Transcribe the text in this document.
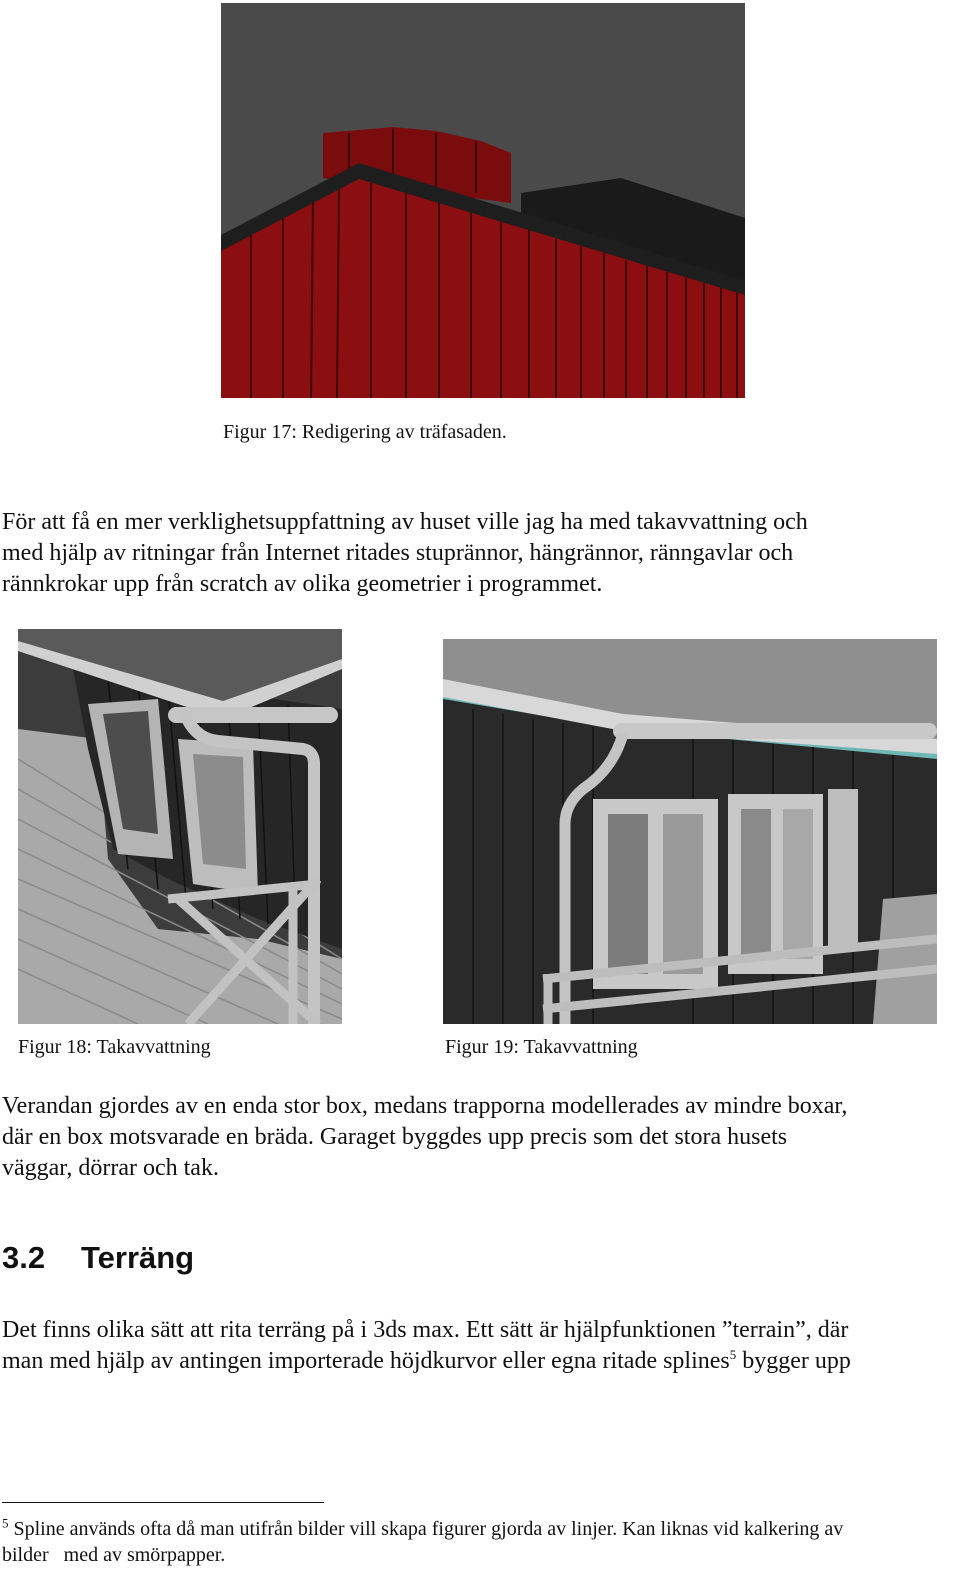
Figur 17: Redigering av träfasaden.
För att få en mer verklighetsuppfattning av huset ville jag ha med takavvattning och
med hjälp av ritningar från Internet ritades stuprännor, hängrännor, ränngavlar och
rännkrokar upp från scratch av olika geometrier i programmet.
Figur 18: Takavvattning	Figur 19: Takavvattning
Verandan gjordes av en enda stor box, medans trapporna modellerades av mindre boxar,
där en box motsvarade en bräda. Garaget byggdes upp precis som det stora husets
väggar, dörrar och tak.
3.2 Terräng
Det finns olika sätt att rita terräng på i 3ds max. Ett sätt är hjälpfunktionen ”terrain”, där
man med hjälp av antingen importerade höjdkurvor eller egna ritade splines$^5$ bygger upp
$^5$ Spline används ofta då man utifrån bilder vill skapa figurer gjorda av linjer. Kan liknas vid kalkering av
bilder   med av smörpapper.
